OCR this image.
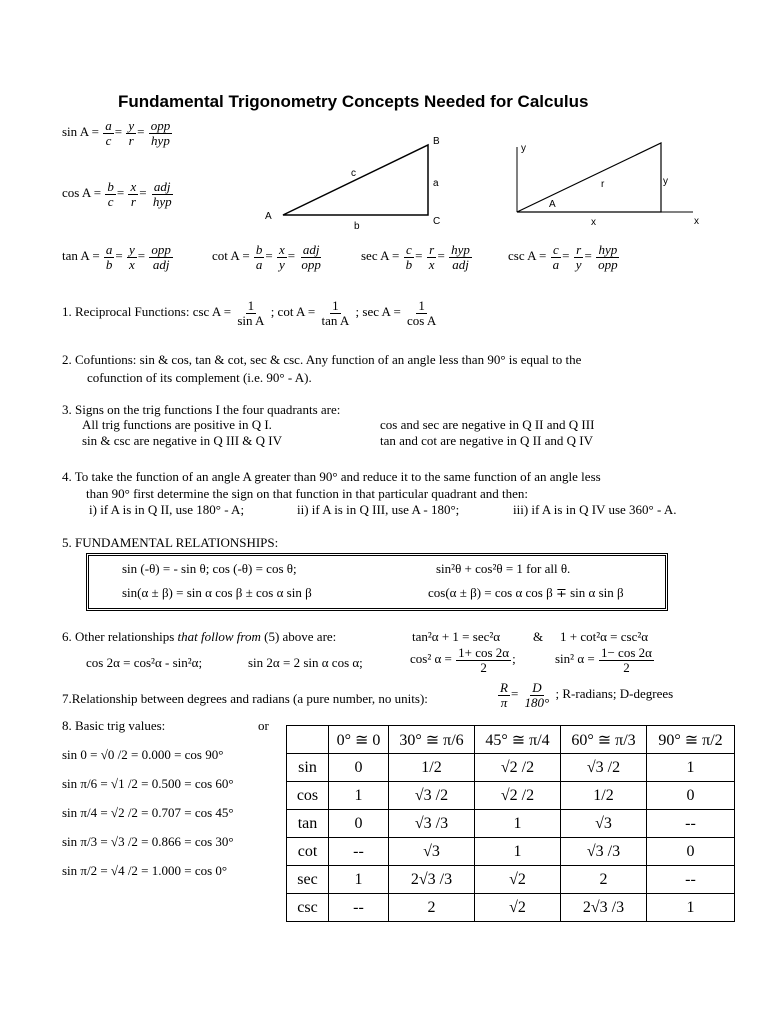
Fundamental Trigonometry Concepts Needed for Calculus
$\sin A = \frac{a}{c} = \frac{y}{r} = \frac{\text{opp}}{\text{hyp}}$
$\cos A = \frac{b}{c} = \frac{x}{r} = \frac{\text{adj}}{\text{hyp}}$
$\tan A = \frac{a}{b} = \frac{y}{x} = \frac{\text{opp}}{\text{adj}}$	$\cot A = \frac{b}{a} = \frac{x}{y} = \frac{\text{adj}}{\text{opp}}$	$\sec A = \frac{c}{b} = \frac{r}{x} = \frac{\text{hyp}}{\text{adj}}$	$\csc A = \frac{c}{a} = \frac{r}{y} = \frac{\text{hyp}}{\text{opp}}$
A
B
C
a
b
c
y
x
A
r
x
y
1. Reciprocal Functions: $\csc A = \frac{1}{\text{sin A}}$ ; $\cot A = \frac{1}{\text{tan A}}$ ; $\sec A = \frac{1}{\text{cos A}}$
2. Cofuntions: sin & cos, tan & cot, sec & csc. Any function of an angle less than 90° is equal to the
cofunction of its complement (i.e. 90° - A).
3. Signs on the trig functions I the four quadrants are:
All trig functions are positive in Q I.	cos and sec are negative in Q II and Q III
sin & csc are negative in Q III & Q IV	tan and cot are negative in Q II and Q IV
4. To take the function of an angle A greater than 90° and reduce it to the same function of an angle less
than 90° first determine the sign on that function in that particular quadrant and then:
i) if A is in Q II, use 180° - A;	ii) if A is in Q III, use A - 180°;	iii) if A is in Q IV use 360° - A.
5. FUNDAMENTAL RELATIONSHIPS:
sin (-θ) = - sin θ; cos (-θ) = cos θ;	sin²θ + cos²θ = 1 for all θ.
sin(α ± β) = sin α cos β ± cos α sin β	cos(α ± β) = cos α cos β ∓ sin α sin β
6. Other relationships that follow from (5) above are:	tan²α + 1 = sec²α	& 1 + cot²α = csc²α
cos 2α = cos²α - sin²α;	sin 2α = 2 sin α cos α;	cos² $\alpha = \frac{1+ \cos 2\alpha}{2}$ ;	sin² $\alpha = \frac{1- \cos 2\alpha}{2}$
7.Relationship between degrees and radians (a pure number, no units):	$\frac{R}{\pi} = \frac{D}{180^\circ}$ ; R-radians; D-degrees
8. Basic trig values:	or
sin 0 = √0 /2 = 0.000 = cos 90°
sin π/6 = √1 /2 = 0.500 = cos 60°
sin π/4 = √2 /2 = 0.707 = cos 45°
sin π/3 = √3 /2 = 0.866 = cos 30°
sin π/2 = √4 /2 = 1.000 = cos 0°
	0° ≅ 0	30° ≅ π/6	45° ≅ π/4	60° ≅ π/3	90° ≅ π/2
sin	0	1/2	√2 /2	√3 /2	1
cos	1	√3 /2	√2 /2	1/2	0
tan	0	√3 /3	1	√3	--
cot	--	√3	1	√3 /3	0
sec	1	2√3 /3	√2	2	--
csc	--	2	√2	2√3 /3	1
